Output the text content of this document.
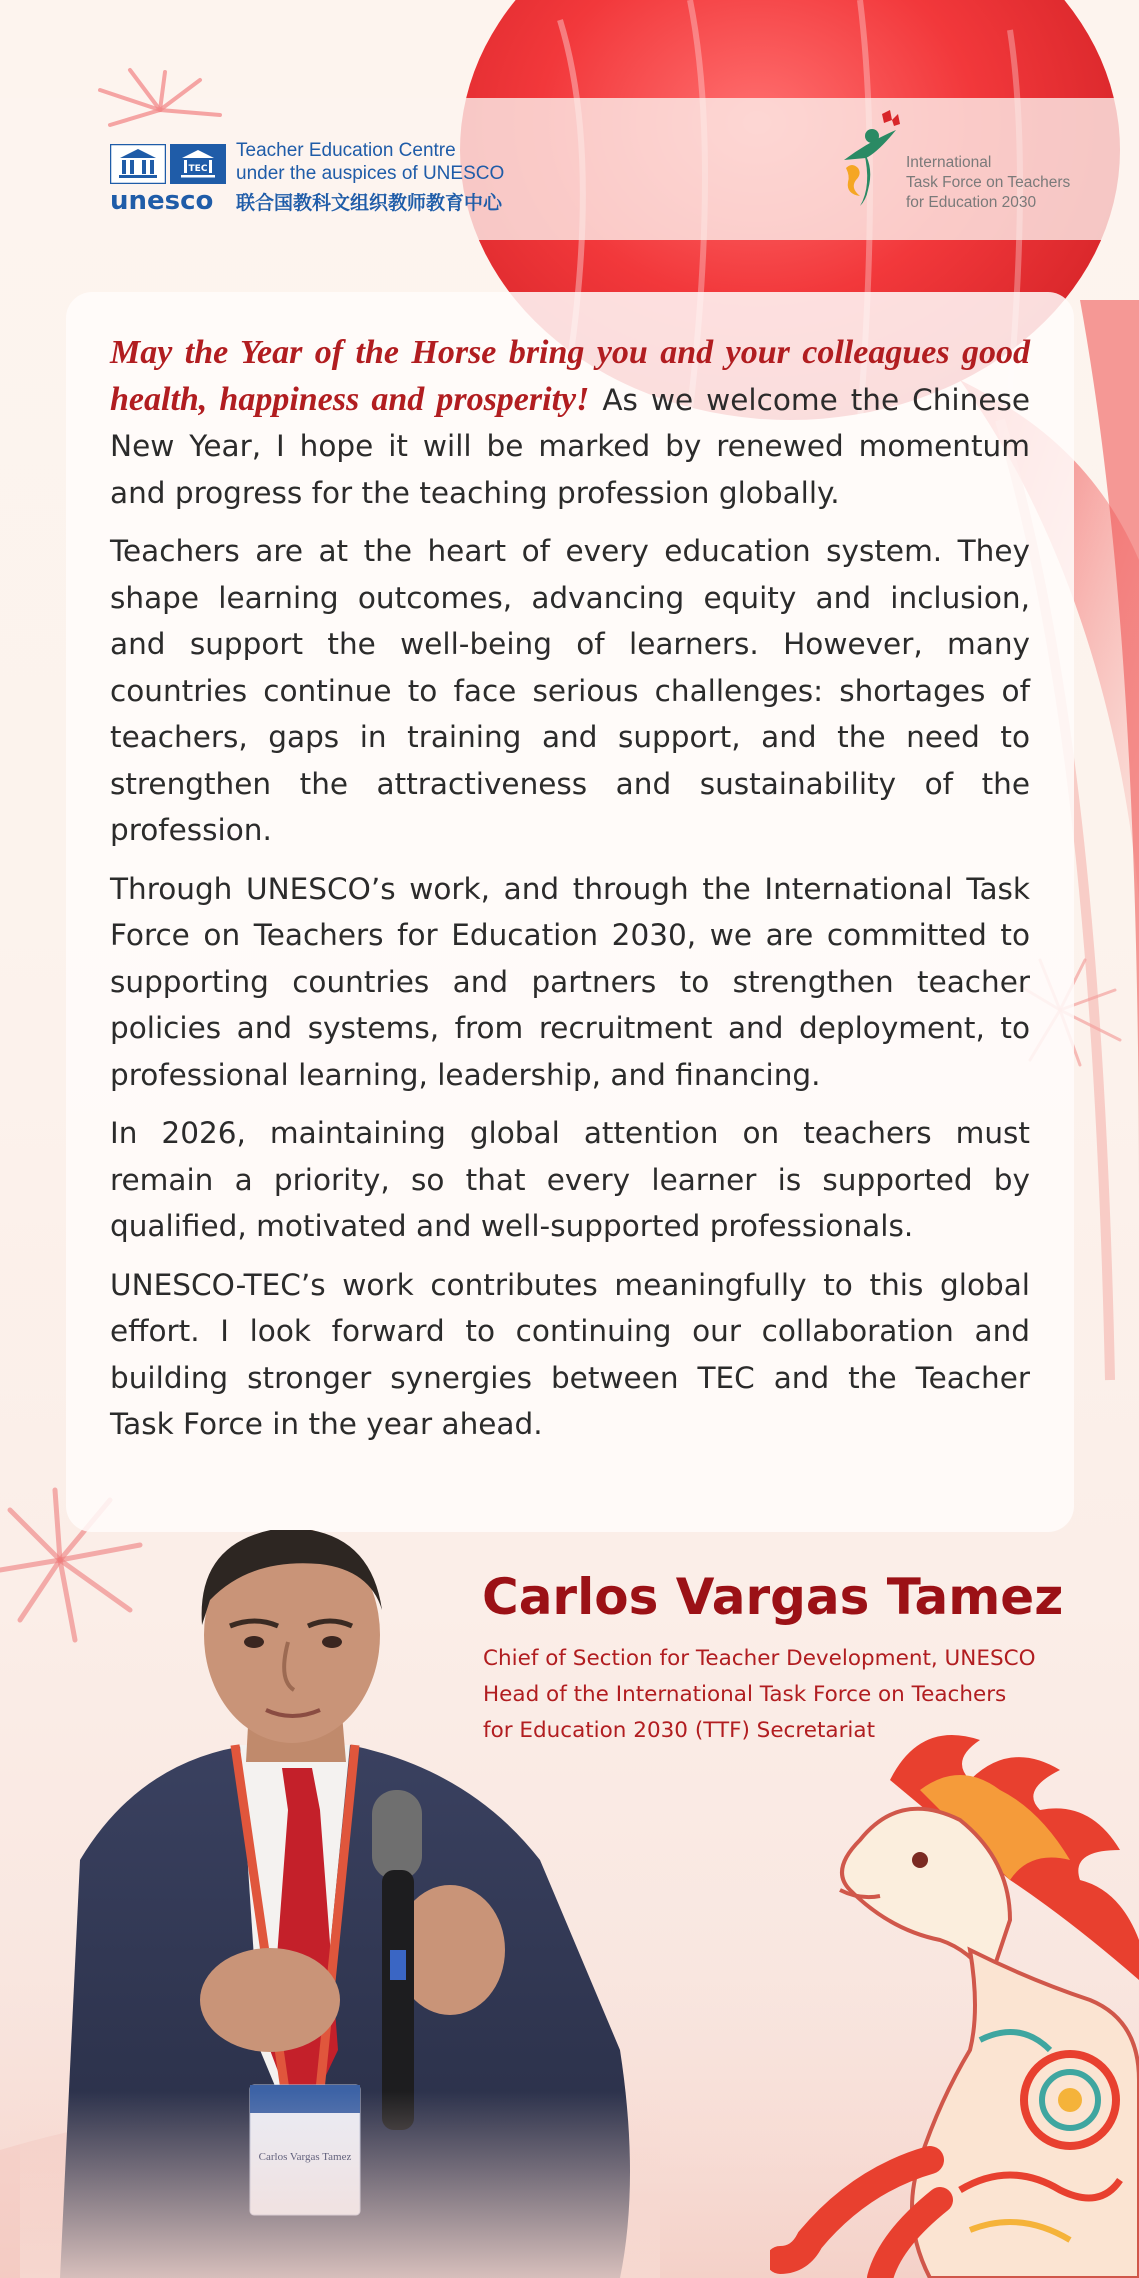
TEC
unesco
Teacher Education Centre
under the auspices of UNESCO
联合国教科文组织教师教育中心
International
Task Force on Teachers
for Education 2030

May the Year of the Horse bring you and your colleagues good health, happiness and prosperity! As we welcome the Chinese New Year, I hope it will be marked by renewed momentum and progress for the teaching profession globally.

Teachers are at the heart of every education system. They shape learning outcomes, advancing equity and inclusion, and support the well-being of learners. However, many countries continue to face serious challenges: shortages of teachers, gaps in training and support, and the need to strengthen the attractiveness and sustainability of the profession.

Through UNESCO’s work, and through the International Task Force on Teachers for Education 2030, we are committed to supporting countries and partners to strengthen teacher policies and systems, from recruitment and deployment, to professional learning, leadership, and financing.

In 2026, maintaining global attention on teachers must remain a priority, so that every learner is supported by qualified, motivated and well-supported professionals.

UNESCO-TEC’s work contributes meaningfully to this global effort. I look forward to continuing our collaboration and building stronger synergies between TEC and the Teacher Task Force in the year ahead.

Carlos Vargas Tamez
Chief of Section for Teacher Development, UNESCO
Head of the International Task Force on Teachers
for Education 2030 (TTF) Secretariat
